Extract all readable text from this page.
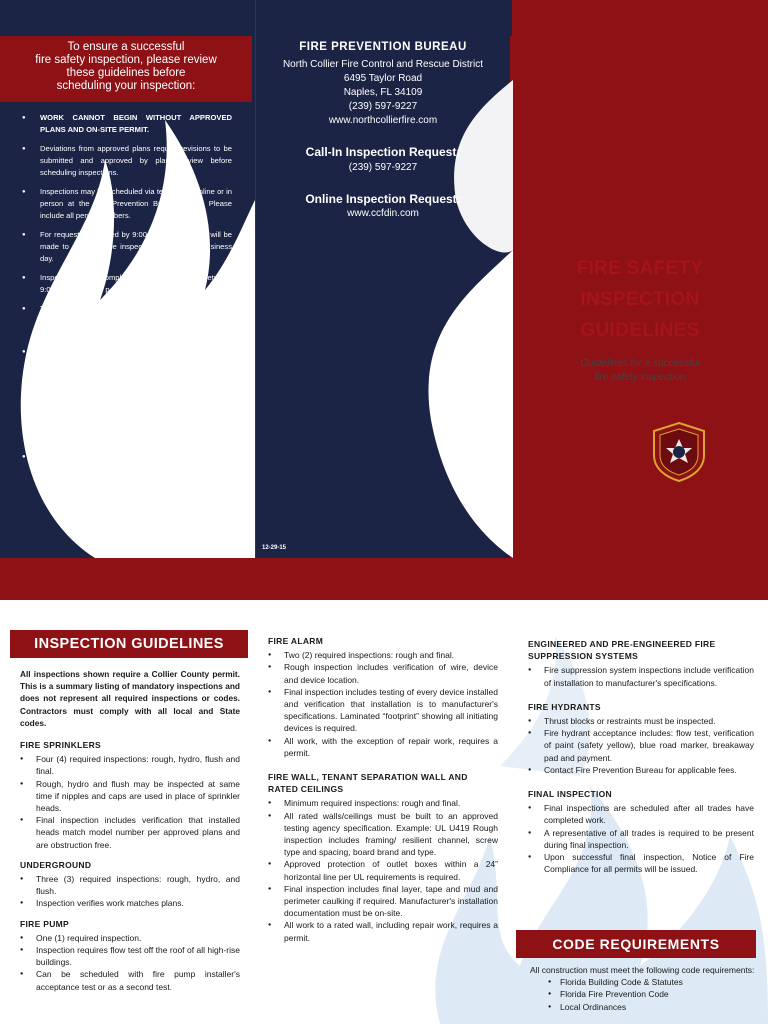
To ensure a successful
fire safety inspection, please review
these guidelines before
scheduling your inspection:
● WORK CANNOT BEGIN WITHOUT APPROVED PLANS AND ON-SITE PERMIT.
● Deviations from approved plans require revisions to be submitted and approved by plans review before scheduling inspections.
● Inspections may be scheduled via telephone, online or in person at the Fire Prevention Bureau Office. Please include all permit numbers.
● For requests submitted by 9:00 a.m., every effort will be made to schedule the inspection for the next business day.
● Inspections are completed Monday—Friday between 9:00 a.m. and 4:00 p.m.
● Time specific appointments apply only to final inspections that include sprinklers, alarms or suppression systems.
● For other inspections, contractors may request AM or PM. The District will make every effort to accommodate the request.
● Time specific inspections may be arranged for an additional $75 fee.
● Pre-construction meetings with the District's fire safety inspection team are highly recommended.
● Address must be clearly visible once construction has begun.
FIRE PREVENTION BUREAU
North Collier Fire Control and Rescue District
6495 Taylor Road
Naples, FL 34109
(239) 597-9227
www.northcollierfire.com
Call-In Inspection Request:
(239) 597-9227
Online Inspection Request:
www.ccfdin.com
12-29-15
FIRE SAFETY
INSPECTION
GUIDELINES
Guidelines for a successful
fire safety inspection
INSPECTION GUIDELINES
All inspections shown require a Collier County permit. This is a summary listing of mandatory inspections and does not represent all required inspections or codes. Contractors must comply with all local and State codes.
FIRE SPRINKLERS
● Four (4) required inspections: rough, hydro, flush and final.
● Rough, hydro and flush may be inspected at same time if nipples and caps are used in place of sprinkler heads.
● Final inspection includes verification that installed heads match model number per approved plans and are obstruction free.
UNDERGROUND
● Three (3) required inspections: rough, hydro, and flush.
● Inspection verifies work matches plans.
FIRE PUMP
● One (1) required inspection.
● Inspection requires flow test off the roof of all high-rise buildings.
● Can be scheduled with fire pump installer's acceptance test or as a second test.
FIRE ALARM
● Two (2) required inspections: rough and final.
● Rough inspection includes verification of wire, device and device location.
● Final inspection includes testing of every device installed and verification that installation is to manufacturer's specifications. Laminated “footprint” showing all initiating devices is required.
● All work, with the exception of repair work, requires a permit.
FIRE WALL, TENANT SEPARATION WALL AND RATED CEILINGS
● Minimum required inspections: rough and final.
● All rated walls/ceilings must be built to an approved testing agency specification. Example: UL U419 Rough inspection includes framing/ resilient channel, screw type and spacing, board brand and type.
● Approved protection of outlet boxes within a 24” horizontal line per UL requirements is required.
● Final inspection includes final layer, tape and mud and perimeter caulking if required. Manufacturer's installation documentation must be on-site.
● All work to a rated wall, including repair work, requires a permit.
ENGINEERED AND PRE-ENGINEERED FIRE SUPPRESSION SYSTEMS
● Fire suppression system inspections include verification of installation to manufacturer's specifications.
FIRE HYDRANTS
● Thrust blocks or restraints must be inspected.
● Fire hydrant acceptance includes: flow test, verification of paint (safety yellow), blue road marker, breakaway pad and payment.
● Contact Fire Prevention Bureau for applicable fees.
FINAL INSPECTION
● Final inspections are scheduled after all trades have completed work.
● A representative of all trades is required to be present during final inspection.
● Upon successful final inspection, Notice of Fire Compliance for all permits will be issued.
CODE REQUIREMENTS
All construction must meet the following code requirements:
● Florida Building Code & Statutes
● Florida Fire Prevention Code
● Local Ordinances
